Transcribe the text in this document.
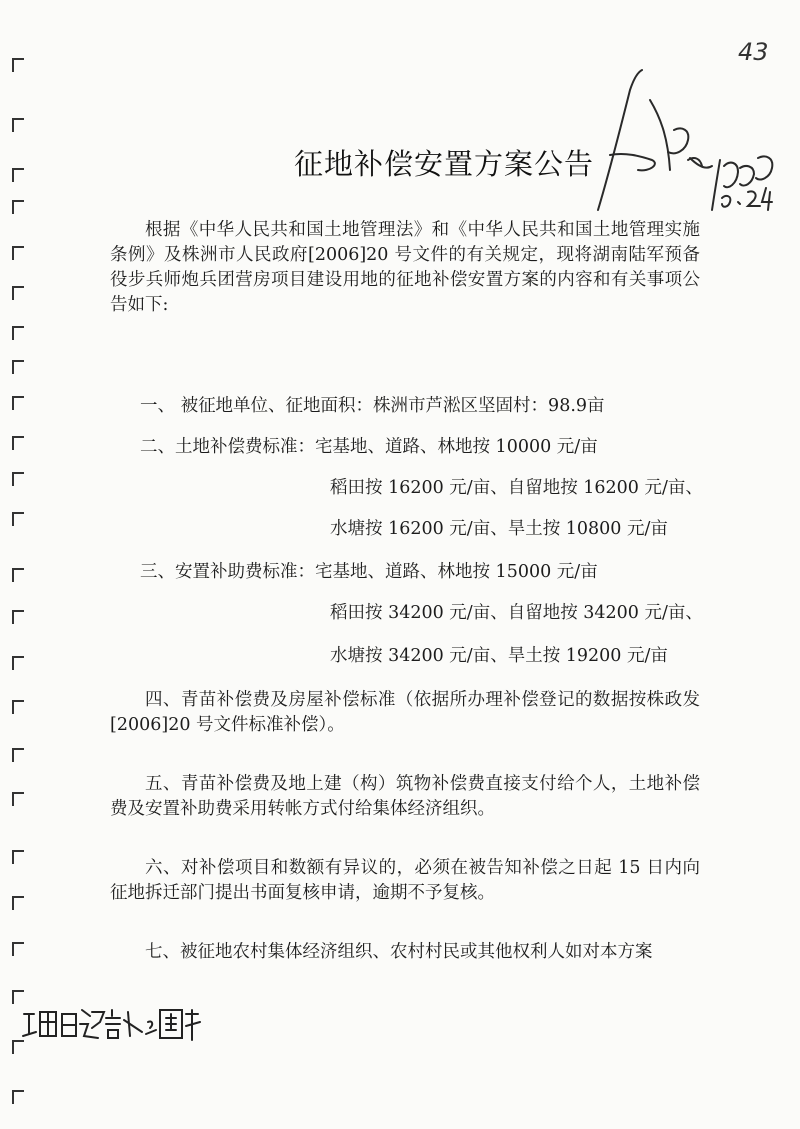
43
征地补偿安置方案公告

根据《中华人民共和国土地管理法》和《中华人民共和国土地管理实施条例》及株洲市人民政府[2006]20 号文件的有关规定，现将湖南陆军预备役步兵师炮兵团营房项目建设用地的征地补偿安置方案的内容和有关事项公告如下:

一、 被征地单位、征地面积：株洲市芦淞区坚固村：98.9亩

二、土地补偿费标准：宅基地、道路、林地按 10000 元/亩

稻田按 16200 元/亩、自留地按 16200 元/亩、

水塘按 16200 元/亩、旱土按 10800 元/亩

三、安置补助费标准：宅基地、道路、林地按 15000 元/亩

稻田按 34200 元/亩、自留地按 34200 元/亩、

水塘按 34200 元/亩、旱土按 19200 元/亩

四、青苗补偿费及房屋补偿标准（依据所办理补偿登记的数据按株政发[2006]20 号文件标准补偿）。

五、青苗补偿费及地上建（构）筑物补偿费直接支付给个人，土地补偿费及安置补助费采用转帐方式付给集体经济组织。

六、对补偿项目和数额有异议的，必须在被告知补偿之日起 15 日内向征地拆迁部门提出书面复核申请，逾期不予复核。

七、被征地农村集体经济组织、农村村民或其他权利人如对本方案
